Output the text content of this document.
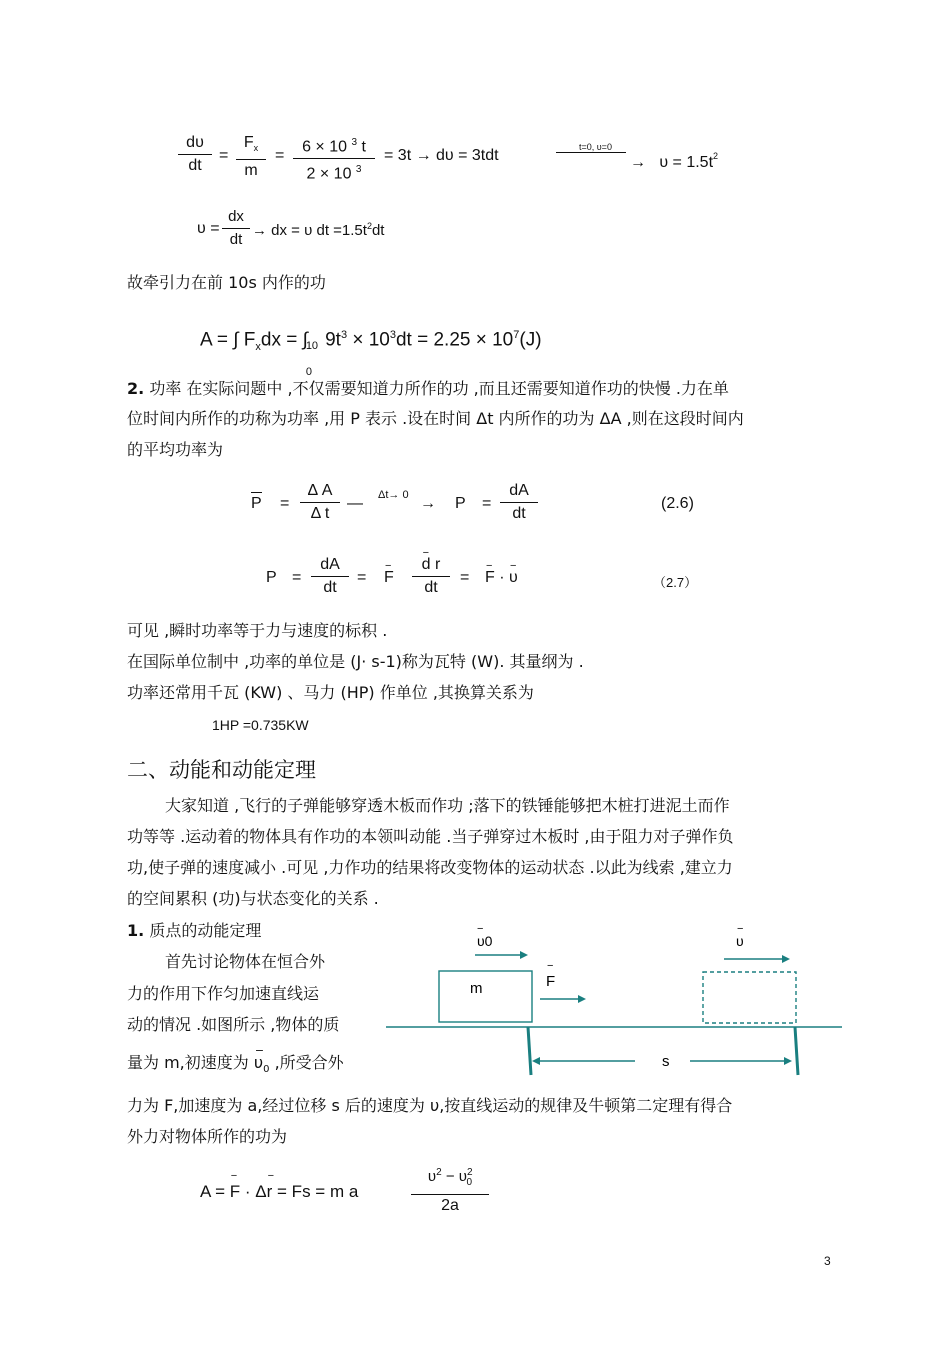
dυ
dt
=
$F_x$
m
=
6 × 10 $^3$ t
2 × 10 $^3$
= 3t → dυ = 3tdt	t=0, υ=0
→   $\upsilon = 1.5t^2$
υ =
dx
dt
→ dx = υ dt $=1.5t^2dt$
故牵引力在前 10s 内作的功
A = ∫ $F_xdx$ = ∫
10
0
$9t^3 \times 10^3dt = 2.25 \times 10^7(J)$
2. 功率 在实际问题中 ,不仅需要知道力所作的功 ,而且还需要知道作功的快慢 .力在单
位时间内所作的功称为功率 ,用 P 表示 .设在时间 Δt 内所作的功为 ΔA ,则在这段时间内
的平均功率为
P =
Δ A
Δ t
— Δt→ 0 → P =
dA
dt
(2.6)
P =
dA
dt
= − F
− d r
dt
= − F · − υ	（2.7）
可见 ,瞬时功率等于力与速度的标积 .
在国际单位制中 ,功率的单位是 (J· s-1)称为瓦特 (W). 其量纲为 .
功率还常用千瓦 (KW) 、马力 (HP) 作单位 ,其换算关系为
1HP =0.735KW
二、动能和动能定理
大家知道 ,飞行的子弹能够穿透木板而作功 ;落下的铁锤能够把木桩打进泥土而作
功等等 .运动着的物体具有作功的本领叫动能 .当子弹穿过木板时 ,由于阻力对子弹作负
功,使子弹的速度减小 .可见 ,力作功的结果将改变物体的运动状态 .以此为线索 ,建立力
的空间累积 (功)与状态变化的关系 .
1. 质点的动能定理
首先讨论物体在恒合外
力的作用下作匀加速直线运
动的情况 .如图所示 ,物体的质
量为 m,初速度为 − $\upsilon_0$ ,所受合外
力为 F,加速度为 a,经过位移 s 后的速度为 υ,按直线运动的规律及牛顿第二定理有得合
外力对物体所作的功为
υ0
−
m	F
−
υ
−
s
A = − F · Δ− r = Fs = m a
$\upsilon^2 - \upsilon^2_0$
2a
3
